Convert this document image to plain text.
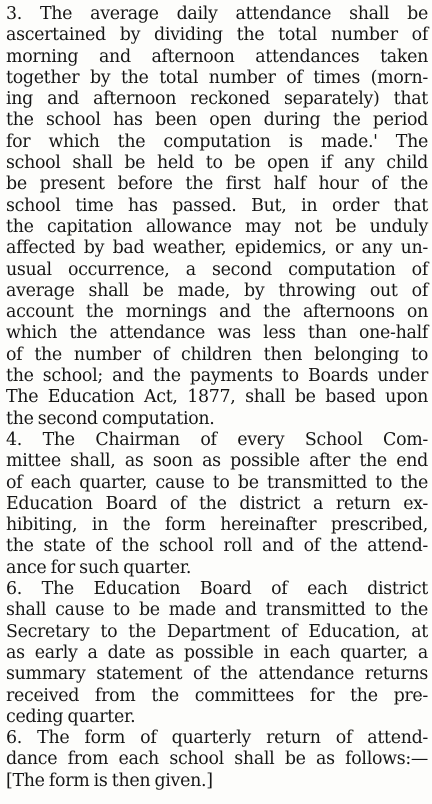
3. The average daily attendance shall be
ascertained by dividing the total number of
morning and afternoon attendances taken
together by the total number of times (morn-
ing and afternoon reckoned separately) that
the school has been open during the period
for which the computation is made.' The
school shall be held to be open if any child
be present before the first half hour of the
school time has passed. But, in order that
the capitation allowance may not be unduly
affected by bad weather, epidemics, or any un-
usual occurrence, a second computation of
average shall be made, by throwing out of
account the mornings and the afternoons on
which the attendance was less than one-half
of the number of children then belonging to
the school; and the payments to Boards under
The Education Act, 1877, shall be based upon
the second computation.
4. The Chairman of every School Com-
mittee shall, as soon as possible after the end
of each quarter, cause to be transmitted to the
Education Board of the district a return ex-
hibiting, in the form hereinafter prescribed,
the state of the school roll and of the attend-
ance for such quarter.
6. The Education Board of each district
shall cause to be made and transmitted to the
Secretary to the Department of Education, at
as early a date as possible in each quarter, a
summary statement of the attendance returns
received from the committees for the pre-
ceding quarter.
6. The form of quarterly return of attend-
dance from each school shall be as follows:—
[The form is then given.]
